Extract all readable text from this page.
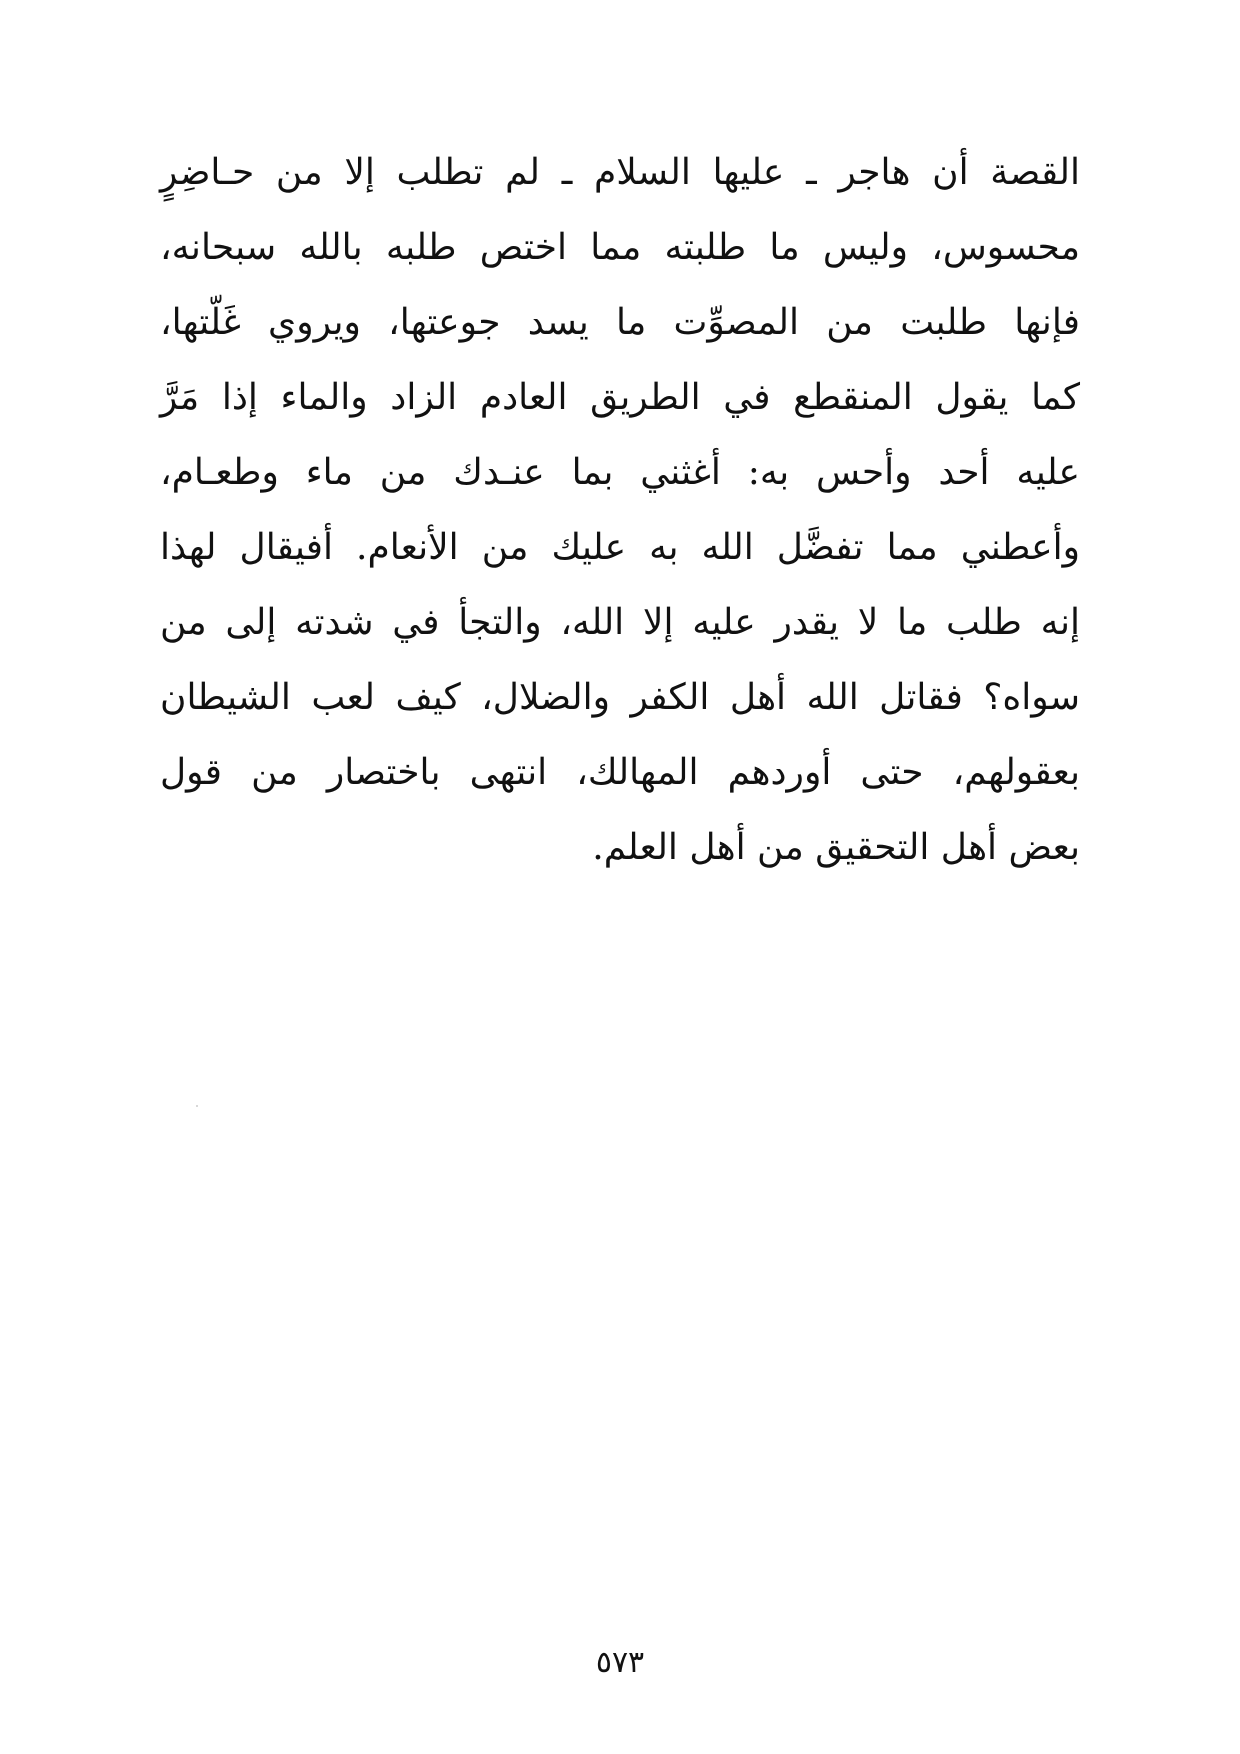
القصة أن هاجر ـ عليها السلام ـ لم تطلب إلا من حـاضِرٍ
محسوس، وليس ما طلبته مما اختص طلبه بالله سبحانه،
فإنها طلبت من المصوِّت ما يسد جوعتها، ويروي غَلّتها،
كما يقول المنقطع في الطريق العادم الزاد والماء إذا مَرَّ
عليه أحد وأحس به: أغثني بما عنـدك من ماء وطعـام،
وأعطني مما تفضَّل الله به عليك من الأنعام. أفيقال لهذا
إنه طلب ما لا يقدر عليه إلا الله، والتجأ في شدته إلى من
سواه؟ فقاتل الله أهل الكفر والضلال، كيف لعب الشيطان
بعقولهم، حتى أوردهم المهالك، انتهى باختصار من قول
بعض أهل التحقيق من أهل العلم.
٥٧٣
